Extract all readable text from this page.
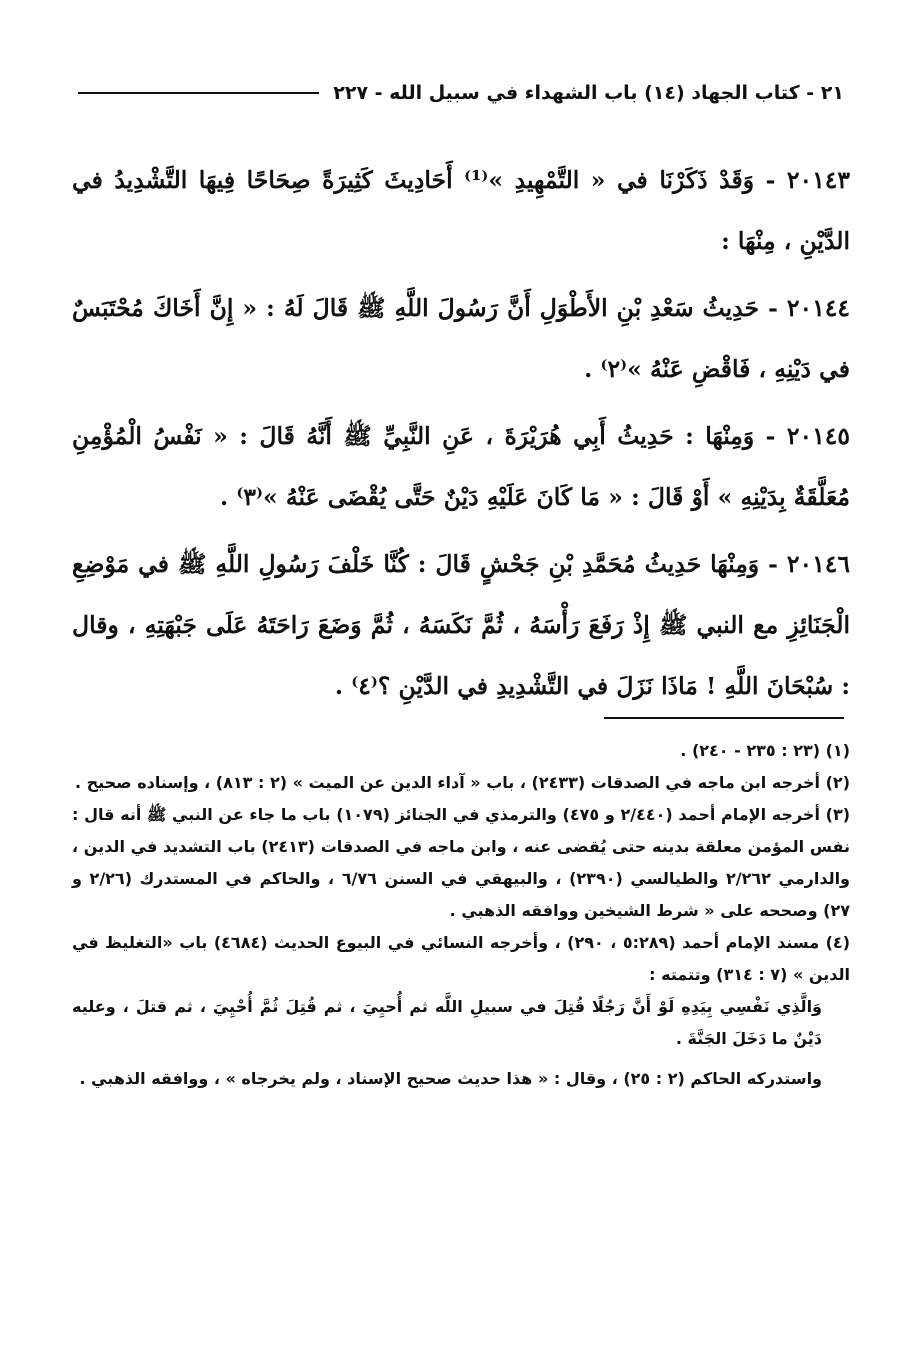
٢١ - كتاب الجهاد (١٤) باب الشهداء في سبيل الله - ٢٢٧

٢٠١٤٣ - وَقَدْ ذَكَرْنَا في « التَّمْهِيدِ »⁽¹⁾ أَحَادِيثَ كَثِيرَةً صِحَاحًا فِيهَا التَّشْدِيدُ في الدَّيْنِ ، مِنْهَا :

٢٠١٤٤ - حَدِيثُ سَعْدِ بْنِ الأَطْوَلِ أَنَّ رَسُولَ اللَّهِ ﷺ قَالَ لَهُ : « إِنَّ أَخَاكَ مُحْتَبَسٌ في دَيْنِهِ ، فَاقْضِ عَنْهُ »⁽٢⁾ .

٢٠١٤٥ - وَمِنْهَا : حَدِيثُ أَبِي هُرَيْرَةَ ، عَنِ النَّبِيِّ ﷺ أَنَّهُ قَالَ : « نَفْسُ الْمُؤْمِنِ مُعَلَّقَةٌ بِدَيْنِهِ » أَوْ قَالَ : « مَا كَانَ عَلَيْهِ دَيْنٌ حَتَّى يُقْضَى عَنْهُ »⁽٣⁾ .

٢٠١٤٦ - وَمِنْهَا حَدِيثُ مُحَمَّدِ بْنِ جَحْشٍ قَالَ : كُنَّا خَلْفَ رَسُولِ اللَّهِ ﷺ في مَوْضِعِ الْجَنَائِزِ مع النبي ﷺ إِذْ رَفَعَ رَأْسَهُ ، ثُمَّ نَكَسَهُ ، ثُمَّ وَضَعَ رَاحَتَهُ عَلَى جَبْهَتِهِ ، وقال : سُبْحَانَ اللَّهِ ! مَاذَا نَزَلَ في التَّشْدِيدِ في الدَّيْنِ ؟⁽٤⁾ .

(١) (٢٣ : ٢٣٥ - ٢٤٠) .

(٢) أخرجه ابن ماجه في الصدقات (٢٤٣٣) ، باب « آداء الدين عن الميت » (٢ : ٨١٣) ، وإسناده صحيح .

(٣) أخرجه الإمام أحمد (٢/٤٤٠ و ٤٧٥) والترمذي في الجنائز (١٠٧٩) باب ما جاء عن النبي ﷺ أنه قال : نفس المؤمن معلقة بدينه حتى يُقضى عنه ، وابن ماجه في الصدقات (٢٤١٣) باب التشديد في الدين ، والدارمي ٢/٢٦٢ والطيالسي (٢٣٩٠) ، والبيهقي في السنن ٦/٧٦ ، والحاكم في المستدرك (٢/٢٦ و ٢٧) وصححه على « شرط الشيخين ووافقه الذهبي .

(٤) مسند الإمام أحمد (٥:٢٨٩ ، ٢٩٠) ، وأخرجه النسائي في البيوع الحديث (٤٦٨٤) باب «التغليظ في الدين » (٧ : ٣١٤) وتتمته :

وَالَّذِي نَفْسِي بِيَدِهِ لَوْ أَنَّ رَجُلًا قُتِلَ في سبيلِ اللَّه ثم أُحيِيَ ، ثم قُتِلَ ثُمَّ أُحْيِيَ ، ثم قتلَ ، وعليه دَيْنٌ ما دَخَلَ الجَنَّةَ .

واستدركه الحاكم (٢ : ٢٥) ، وقال : « هذا حديث صحيح الإسناد ، ولم يخرجاه » ، ووافقه الذهبي .
